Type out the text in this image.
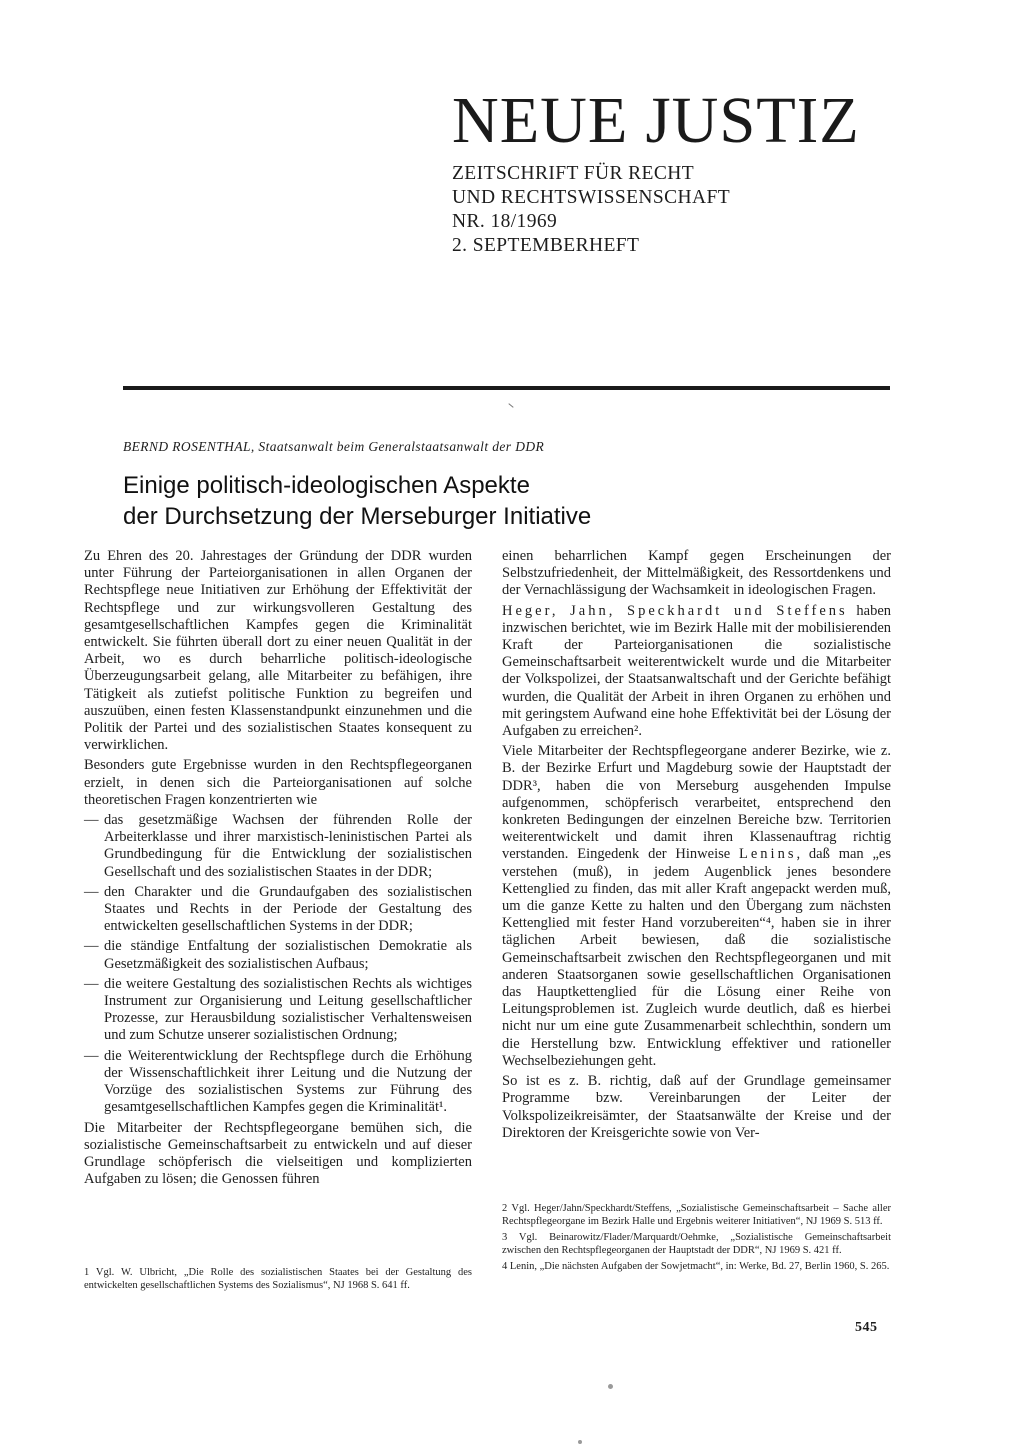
NEUE JUSTIZ
ZEITSCHRIFT FÜR RECHT
UND RECHTSWISSENSCHAFT
NR. 18/1969
2. SEPTEMBERHEFT
BERND ROSENTHAL, Staatsanwalt beim Generalstaatsanwalt der DDR
Einige politisch-ideologischen Aspekte
der Durchsetzung der Merseburger Initiative

Zu Ehren des 20. Jahrestages der Gründung der DDR wurden unter Führung der Parteiorganisationen in allen Organen der Rechtspflege neue Initiativen zur Erhöhung der Effektivität der Rechtspflege und zur wirkungsvolleren Gestaltung des gesamtgesellschaftlichen Kampfes gegen die Kriminalität entwickelt. Sie führten überall dort zu einer neuen Qualität in der Arbeit, wo es durch beharrliche politisch-ideologische Überzeugungsarbeit gelang, alle Mitarbeiter zu befähigen, ihre Tätigkeit als zutiefst politische Funktion zu begreifen und auszuüben, einen festen Klassenstandpunkt einzunehmen und die Politik der Partei und des sozialistischen Staates konsequent zu verwirklichen.

Besonders gute Ergebnisse wurden in den Rechtspflegeorganen erzielt, in denen sich die Parteiorganisationen auf solche theoretischen Fragen konzentrierten wie

— das gesetzmäßige Wachsen der führenden Rolle der Arbeiterklasse und ihrer marxistisch-leninistischen Partei als Grundbedingung für die Entwicklung der sozialistischen Gesellschaft und des sozialistischen Staates in der DDR;
— den Charakter und die Grundaufgaben des sozialistischen Staates und Rechts in der Periode der Gestaltung des entwickelten gesellschaftlichen Systems in der DDR;
— die ständige Entfaltung der sozialistischen Demokratie als Gesetzmäßigkeit des sozialistischen Aufbaus;
— die weitere Gestaltung des sozialistischen Rechts als wichtiges Instrument zur Organisierung und Leitung gesellschaftlicher Prozesse, zur Herausbildung sozialistischer Verhaltensweisen und zum Schutze unserer sozialistischen Ordnung;
— die Weiterentwicklung der Rechtspflege durch die Erhöhung der Wissenschaftlichkeit ihrer Leitung und die Nutzung der Vorzüge des sozialistischen Systems zur Führung des gesamtgesellschaftlichen Kampfes gegen die Kriminalität¹.

Die Mitarbeiter der Rechtspflegeorgane bemühen sich, die sozialistische Gemeinschaftsarbeit zu entwickeln und auf dieser Grundlage schöpferisch die vielseitigen und komplizierten Aufgaben zu lösen; die Genossen führen

einen beharrlichen Kampf gegen Erscheinungen der Selbstzufriedenheit, der Mittelmäßigkeit, des Ressortdenkens und der Vernachlässigung der Wachsamkeit in ideologischen Fragen.

Heger, Jahn, Speckhardt und Steffens haben inzwischen berichtet, wie im Bezirk Halle mit der mobilisierenden Kraft der Parteiorganisationen die sozialistische Gemeinschaftsarbeit weiterentwickelt wurde und die Mitarbeiter der Volkspolizei, der Staatsanwaltschaft und der Gerichte befähigt wurden, die Qualität der Arbeit in ihren Organen zu erhöhen und mit geringstem Aufwand eine hohe Effektivität bei der Lösung der Aufgaben zu erreichen².

Viele Mitarbeiter der Rechtspflegeorgane anderer Bezirke, wie z. B. der Bezirke Erfurt und Magdeburg sowie der Hauptstadt der DDR³, haben die von Merseburg ausgehenden Impulse aufgenommen, schöpferisch verarbeitet, entsprechend den konkreten Bedingungen der einzelnen Bereiche bzw. Territorien weiterentwickelt und damit ihren Klassenauftrag richtig verstanden. Eingedenk der Hinweise Lenins, daß man „es verstehen (muß), in jedem Augenblick jenes besondere Kettenglied zu finden, das mit aller Kraft angepackt werden muß, um die ganze Kette zu halten und den Übergang zum nächsten Kettenglied mit fester Hand vorzubereiten“⁴, haben sie in ihrer täglichen Arbeit bewiesen, daß die sozialistische Gemeinschaftsarbeit zwischen den Rechtspflegeorganen und mit anderen Staatsorganen sowie gesellschaftlichen Organisationen das Hauptkettenglied für die Lösung einer Reihe von Leitungsproblemen ist. Zugleich wurde deutlich, daß es hierbei nicht nur um eine gute Zusammenarbeit schlechthin, sondern um die Herstellung bzw. Entwicklung effektiver und rationeller Wechselbeziehungen geht.

So ist es z. B. richtig, daß auf der Grundlage gemeinsamer Programme bzw. Vereinbarungen der Leiter der Volkspolizeikreisämter, der Staatsanwälte der Kreise und der Direktoren der Kreisgerichte sowie von Ver-

1 Vgl. W. Ulbricht, „Die Rolle des sozialistischen Staates bei der Gestaltung des entwickelten gesellschaftlichen Systems des Sozialismus“, NJ 1968 S. 641 ff.

2 Vgl. Heger/Jahn/Speckhardt/Steffens, „Sozialistische Gemeinschaftsarbeit – Sache aller Rechtspflegeorgane im Bezirk Halle und Ergebnis weiterer Initiativen“, NJ 1969 S. 513 ff.

3 Vgl. Beinarowitz/Flader/Marquardt/Oehmke, „Sozialistische Gemeinschaftsarbeit zwischen den Rechtspflegeorganen der Hauptstadt der DDR“, NJ 1969 S. 421 ff.

4 Lenin, „Die nächsten Aufgaben der Sowjetmacht“, in: Werke, Bd. 27, Berlin 1960, S. 265.

545
